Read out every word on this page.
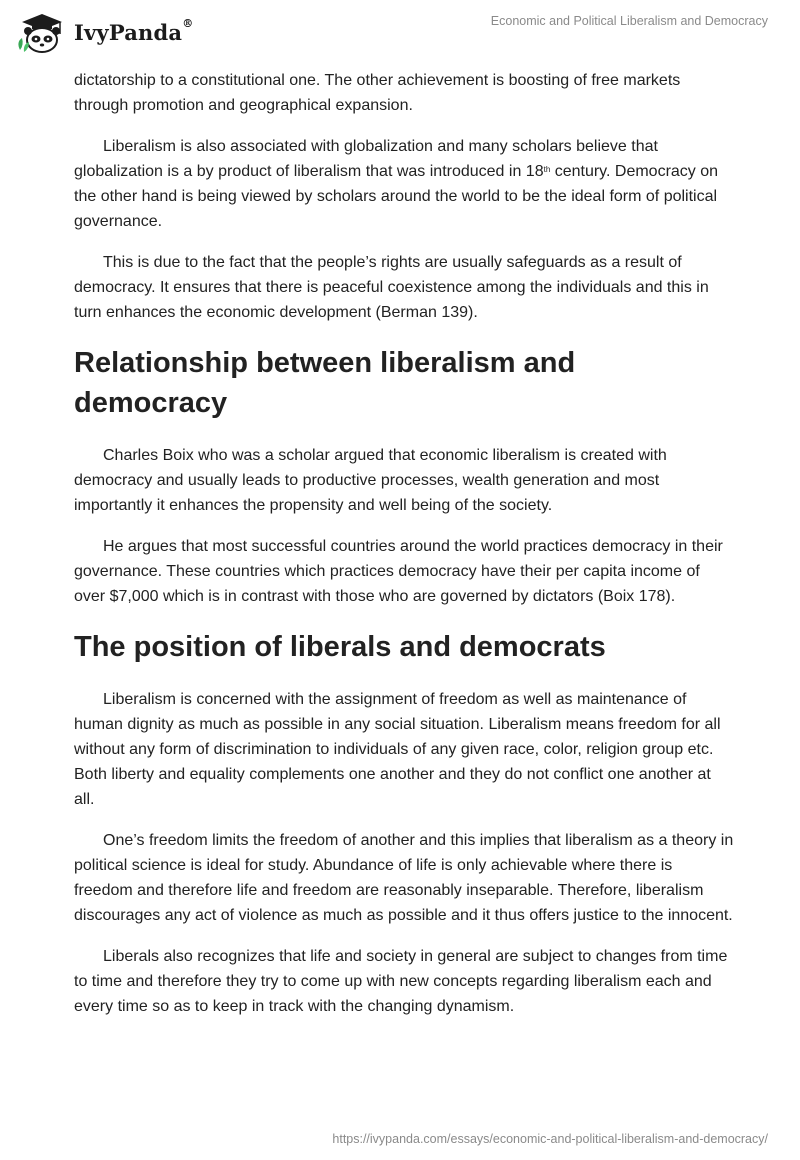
IvyPanda®	Economic and Political Liberalism and Democracy

dictatorship to a constitutional one. The other achievement is boosting of free markets through promotion and geographical expansion.

Liberalism is also associated with globalization and many scholars believe that globalization is a by product of liberalism that was introduced in 18th century. Democracy on the other hand is being viewed by scholars around the world to be the ideal form of political governance.

This is due to the fact that the people’s rights are usually safeguards as a result of democracy. It ensures that there is peaceful coexistence among the individuals and this in turn enhances the economic development (Berman 139).

Relationship between liberalism and democracy

Charles Boix who was a scholar argued that economic liberalism is created with democracy and usually leads to productive processes, wealth generation and most importantly it enhances the propensity and well being of the society.

He argues that most successful countries around the world practices democracy in their governance. These countries which practices democracy have their per capita income of over $7,000 which is in contrast with those who are governed by dictators (Boix 178).

The position of liberals and democrats

Liberalism is concerned with the assignment of freedom as well as maintenance of human dignity as much as possible in any social situation. Liberalism means freedom for all without any form of discrimination to individuals of any given race, color, religion group etc. Both liberty and equality complements one another and they do not conflict one another at all.

One’s freedom limits the freedom of another and this implies that liberalism as a theory in political science is ideal for study. Abundance of life is only achievable where there is freedom and therefore life and freedom are reasonably inseparable. Therefore, liberalism discourages any act of violence as much as possible and it thus offers justice to the innocent.

Liberals also recognizes that life and society in general are subject to changes from time to time and therefore they try to come up with new concepts regarding liberalism each and every time so as to keep in track with the changing dynamism.

https://ivypanda.com/essays/economic-and-political-liberalism-and-democracy/
